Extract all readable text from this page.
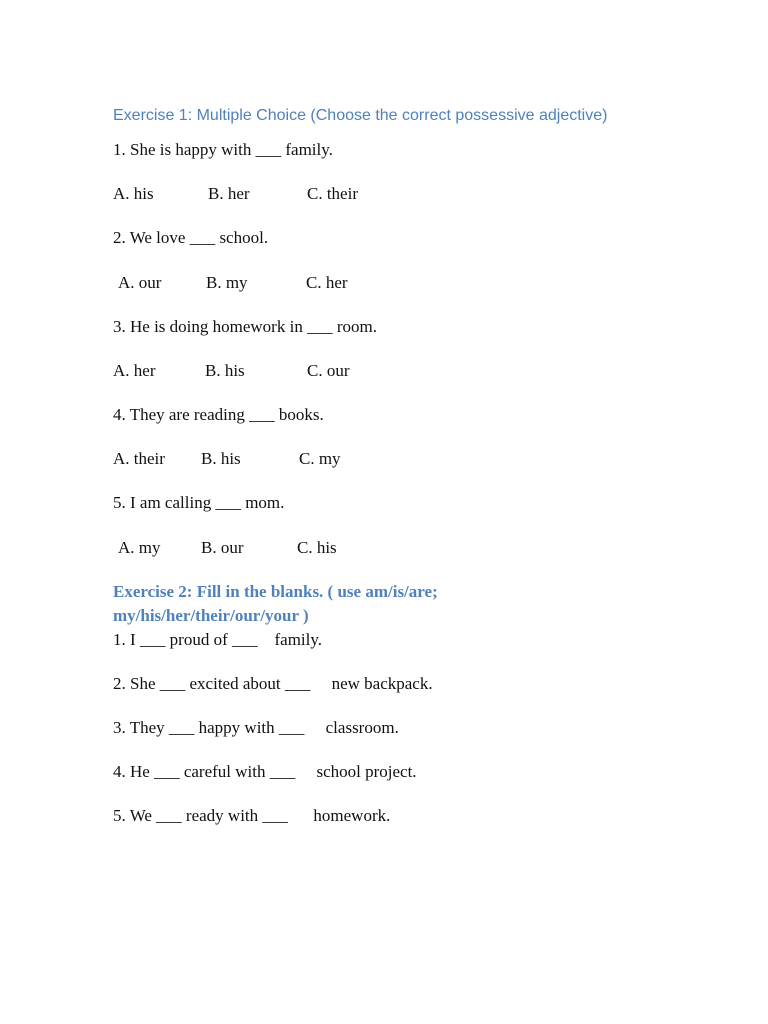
Exercise 1: Multiple Choice (Choose the correct possessive adjective)
1. She is happy with ___ family.
A. his	B. her	C. their
2. We love ___ school.
A. our	B. my	C. her
3. He is doing homework in ___ room.
A. her	B. his	C. our
4. They are reading ___ books.
A. their B. his	C. my
5. I am calling ___ mom.
A. my B. our	C. his
Exercise 2: Fill in the blanks. ( use am/is/are; my/his/her/their/our/your )
1. I ___ proud of ___    family.
2. She ___ excited about ___     new backpack.
3. They ___ happy with ___     classroom.
4. He ___ careful with ___     school project.
5. We ___ ready with ___      homework.
